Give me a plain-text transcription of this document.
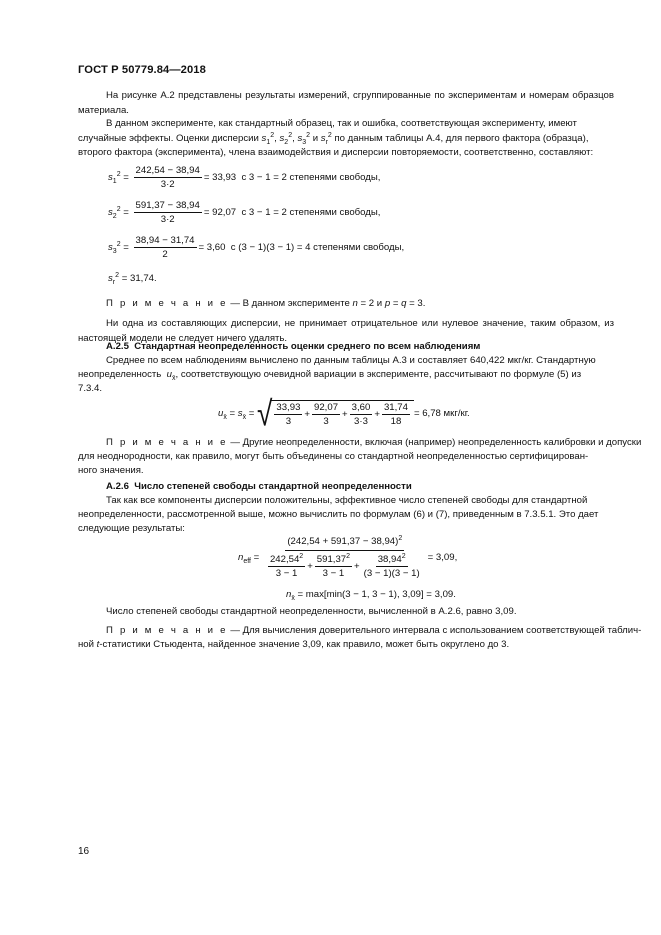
ГОСТ Р 50779.84—2018

На рисунке А.2 представлены результаты измерений, сгруппированные по экспериментам и номерам образцов материала.

В данном эксперименте, как стандартный образец, так и ошибка, соответствующая эксперименту, имеют
случайные эффекты. Оценки дисперсии $s_1^2$, $s_2^2$, $s_3^2$ и $s_r^2$ по данным таблицы А.4, для первого фактора (образца),
второго фактора (эксперимента), члена взаимодействия и дисперсии повторяемости, соответственно, составляют:
$s_1^2 = \frac{242,54 - 38,94}{3\cdot 2} = 33,93$
с 3 − 1 = 2 степенями свободы,
$s_2^2 = \frac{591,37 - 38,94}{3\cdot 2} = 92,07$
с 3 − 1 = 2 степенями свободы,
$s_3^2 = \frac{38,94 - 31,74}{2} = 3,60$
с (3 − 1)(3 − 1) = 4 степенями свободы,
$s_r^2 = 31,74$.
П р и м е ч а н и е — В данном эксперименте n = 2 и p = q = 3.

Ни одна из составляющих дисперсии, не принимает отрицательное или нулевое значение, таким образом, из настоящей модели не следует ничего удалять.

А.2.5 Стандартная неопределенность оценки среднего по всем наблюдениям
Среднее по всем наблюдениям вычислено по данным таблицы А.3 и составляет 640,422 мкг/кг. Стандартную
неопределенность $u_{x̄}$, соответствующую очевидной вариации в эксперименте, рассчитывают по формуле (5) из
7.3.4.
$u_{x̄} = s_{x̄}$ = √ $\frac{33,93}{3} + \frac{92,07}{3} + \frac{3,60}{3\cdot 3} + \frac{31,74}{18} = 6,78$ мкг/кг.
П р и м е ч а н и е — Другие неопределенности, включая (например) неопределенность калибровки и допуски
для неоднородности, как правило, могут быть объединены со стандартной неопределенностью сертифицирован-
ного значения.
А.2.6 Число степеней свободы стандартной неопределенности
Так как все компоненты дисперсии положительны, эффективное число степеней свободы для стандартной
неопределенности, рассмотренной выше, можно вычислить по формулам (6) и (7), приведенным в 7.3.5.1. Это дает
следующие результаты:
$n_{eff} = \frac{(242,54 + 591,37 - 38,94)^2}{\frac{242,54^2}{3 - 1} + \frac{591,37^2}{3 - 1} + \frac{38,94^2}{(3 - 1)(3 - 1)}} = 3,09$,
$n_{x̄} = \max[\min(3 - 1$, 3 − 1), 3,09] = 3,09.
Число степеней свободы стандартной неопределенности, вычисленной в А.2.6, равно 3,09.
П р и м е ч а н и е — Для вычисления доверительного интервала с использованием соответствующей таблич-
ной t-статистики Стьюдента, найденное значение 3,09, как правило, может быть округлено до 3.
16
